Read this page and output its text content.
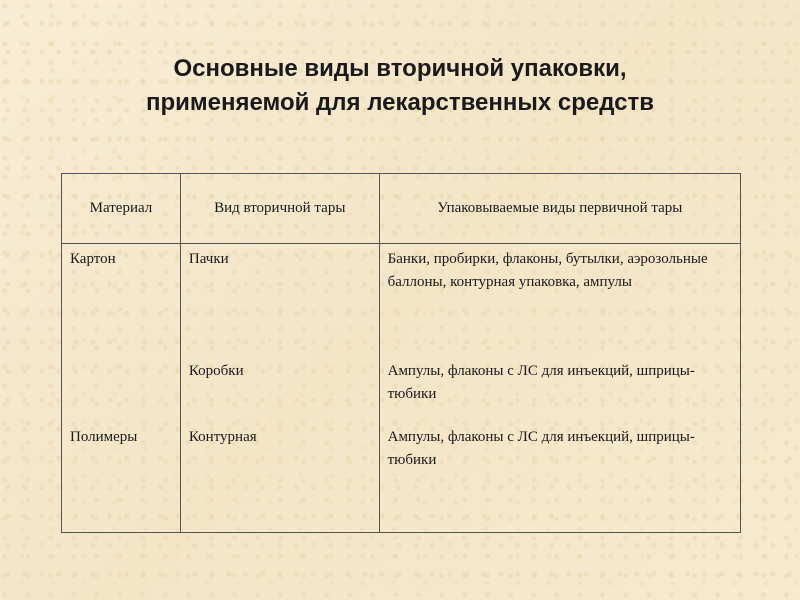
Основные виды вторичной упаковки,
применяемой для лекарственных средств
Материал	Вид вторичной тары	Упаковываемые виды первичной тары
Картон	Пачки	Банки, пробирки, флаконы, бутылки, аэрозольные баллоны, контурная упаковка, ампулы
	Коробки	Ампулы, флаконы с ЛС для инъекций, шприцы-тюбики
Полимеры	Контурная	Ампулы, флаконы с ЛС для инъекций, шприцы-тюбики
